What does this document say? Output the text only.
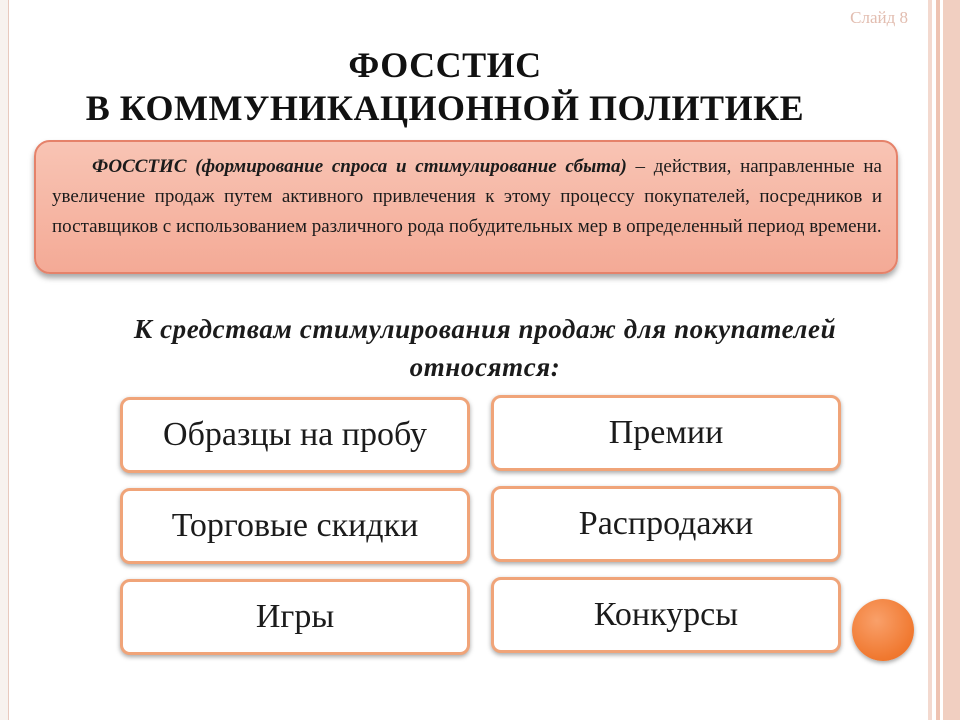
Слайд 8
ФОССТИС
В КОММУНИКАЦИОННОЙ ПОЛИТИКЕ
ФОССТИС (формирование спроса и стимулирование сбыта) – действия, направленные на увеличение продаж путем активного привлечения к этому процессу покупателей, посредников и поставщиков с использованием различного рода побудительных мер в определенный период времени.
К средствам стимулирования продаж для покупателей относятся:
Образцы на пробу	Премии
Торговые скидки	Распродажи
Игры	Конкурсы
